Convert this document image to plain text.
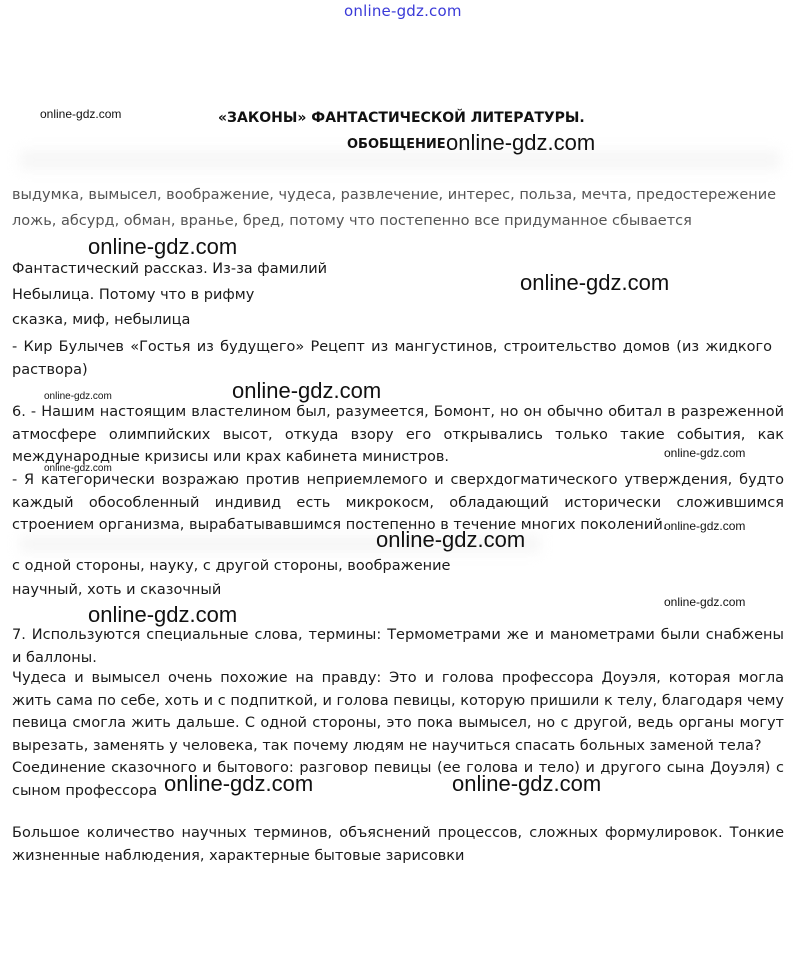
online-gdz.com
«ЗАКОНЫ» ФАНТАСТИЧЕСКОЙ ЛИТЕРАТУРЫ.
ОБОБЩЕНИЕ
выдумка, вымысел, воображение, чудеса, развлечение, интерес, польза, мечта, предостережение
ложь, абсурд, обман, вранье, бред, потому что постепенно все придуманное сбывается
Фантастический рассказ. Из-за фамилий
Небылица. Потому что в рифму
сказка, миф, небылица
- Кир Булычев «Гостья из будущего» Рецепт из мангустинов, строительство домов (из жидкого раствора)
6. - Нашим настоящим властелином был, разумеется, Бомонт, но он обычно обитал в разреженной атмосфере олимпийских высот, откуда взору его открывались только такие события, как международные кризисы или крах кабинета министров.
- Я категорически возражаю против неприемлемого и сверхдогматического утверждения, будто каждый обособленный индивид есть микрокосм, обладающий исторически сложившимся строением организма, вырабатывавшимся постепенно в течение многих поколений.
с одной стороны, науку, с другой стороны, воображение
научный, хоть и сказочный
7. Используются специальные слова, термины: Термометрами же и манометрами были снабжены и баллоны.
Чудеса и вымысел очень похожие на правду: Это и голова профессора Доуэля, которая могла жить сама по себе, хоть и с подпиткой, и голова певицы, которую пришили к телу, благодаря чему певица смогла жить дальше. С одной стороны, это пока вымысел, но с другой, ведь органы могут вырезать, заменять у человека, так почему людям не научиться спасать больных заменой тела?
Соединение сказочного и бытового: разговор певицы (ее голова и тело) и другого сына Доуэля) с сыном профессора
Большое количество научных терминов, объяснений процессов, сложных формулировок. Тонкие жизненные наблюдения, характерные бытовые зарисовки
online-gdz.com
online-gdz.com
online-gdz.com
online-gdz.com
online-gdz.com
online-gdz.com
online-gdz.com
online-gdz.com
online-gdz.com
online-gdz.com
online-gdz.com
online-gdz.com
online-gdz.com	online-gdz.com
